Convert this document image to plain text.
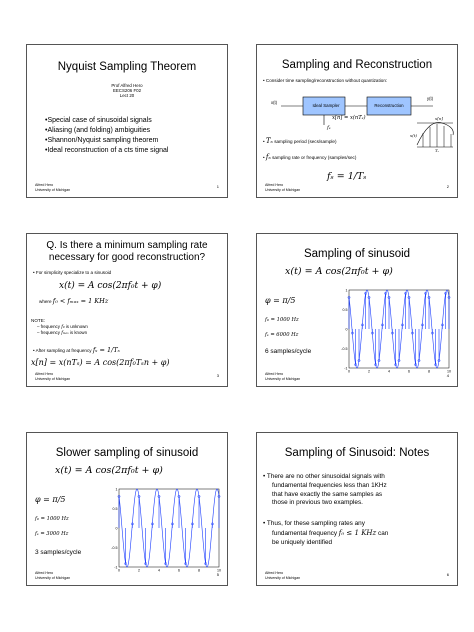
Nyquist Sampling Theorem
Prof Alfred Hero
EECS206 F02
Lect 20
•Special case of sinusoidal signals
•Aliasing (and folding) ambiguities
•Shannon/Nyquist sampling theorem
•Ideal reconstruction of a cts time signal
Alfred Hero
University of Michigan
1
Sampling and Reconstruction
• Consider time sampling/reconstruction without quantization:
x(t)
Ideal Sampler	Reconstruction
y(t)
fₛ
x[n] = x(nTₛ)	x[n]
x(t)
Tₛ
• Tₛ sampling period (secs/sample)
• fₛ sampling rate or frequency (samples/sec)
fₛ = 1/Tₛ
Alfred Hero
University of Michigan
2
Q. Is there a minimum sampling rate
necessary for good reconstruction?
• For simplicity specialize to a sinusoid
x(t) = A cos(2πf₀t + φ)
where f₀ < fₘₐₓ = 1 KHz
NOTE:
– frequency f₀ is unknown
– frequency fₘₐₓ is known
• After sampling at frequency fₛ = 1/Tₛ
x[n] = x(nTₛ) = A cos(2πf₀Tₛn + φ)
Alfred Hero
University of Michigan
3
Sampling of sinusoid
x(t) = A cos(2πf₀t + φ)
φ = π/5
f₀ = 1000 Hz
fₛ = 6000 Hz
6 samples/cycle
1
0.5
0
-0.5
-1
0	2	4	6	8	10
Alfred Hero
University of Michigan
4
Slower sampling of sinusoid
x(t) = A cos(2πf₀t + φ)
φ = π/5
f₀ = 1000 Hz
fₛ = 3000 Hz
3 samples/cycle
1
0.5
0
-0.5
-1
0	2	4	6	8	10
Alfred Hero
University of Michigan
5
Sampling of Sinusoid: Notes
• There are no other sinusoidal signals with
fundamental frequencies less than 1KHz
that have exactly the same samples as
those in previous two examples.
• Thus, for these sampling rates any
fundamental frequency f₀ ≤ 1 KHz can
be uniquely identified
Alfred Hero
University of Michigan
6
